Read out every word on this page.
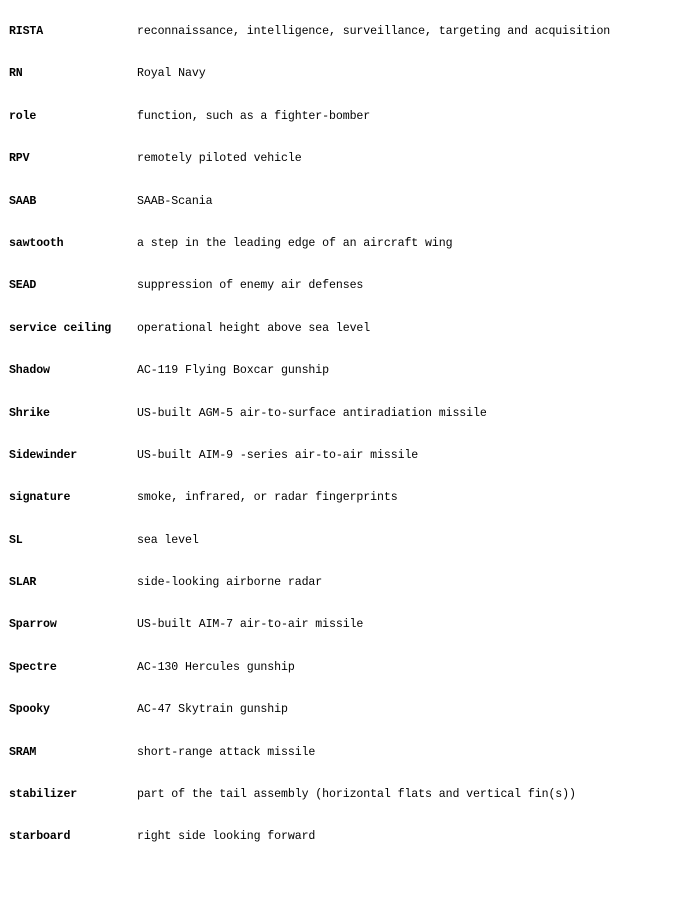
RISTA	reconnaissance, intelligence, surveillance, targeting and acquisition
RN	Royal Navy
role	function, such as a fighter-bomber
RPV	remotely piloted vehicle
SAAB	SAAB-Scania
sawtooth	a step in the leading edge of an aircraft wing
SEAD	suppression of enemy air defenses
service ceiling	operational height above sea level
Shadow	AC-119 Flying Boxcar gunship
Shrike	US-built AGM-5 air-to-surface antiradiation missile
Sidewinder	US-built AIM-9 -series air-to-air missile
signature	smoke, infrared, or radar fingerprints
SL	sea level
SLAR	side-looking airborne radar
Sparrow	US-built AIM-7 air-to-air missile
Spectre	AC-130 Hercules gunship
Spooky	AC-47 Skytrain gunship
SRAM	short-range attack missile
stabilizer	part of the tail assembly (horizontal flats and vertical fin(s))
starboard	right side looking forward
